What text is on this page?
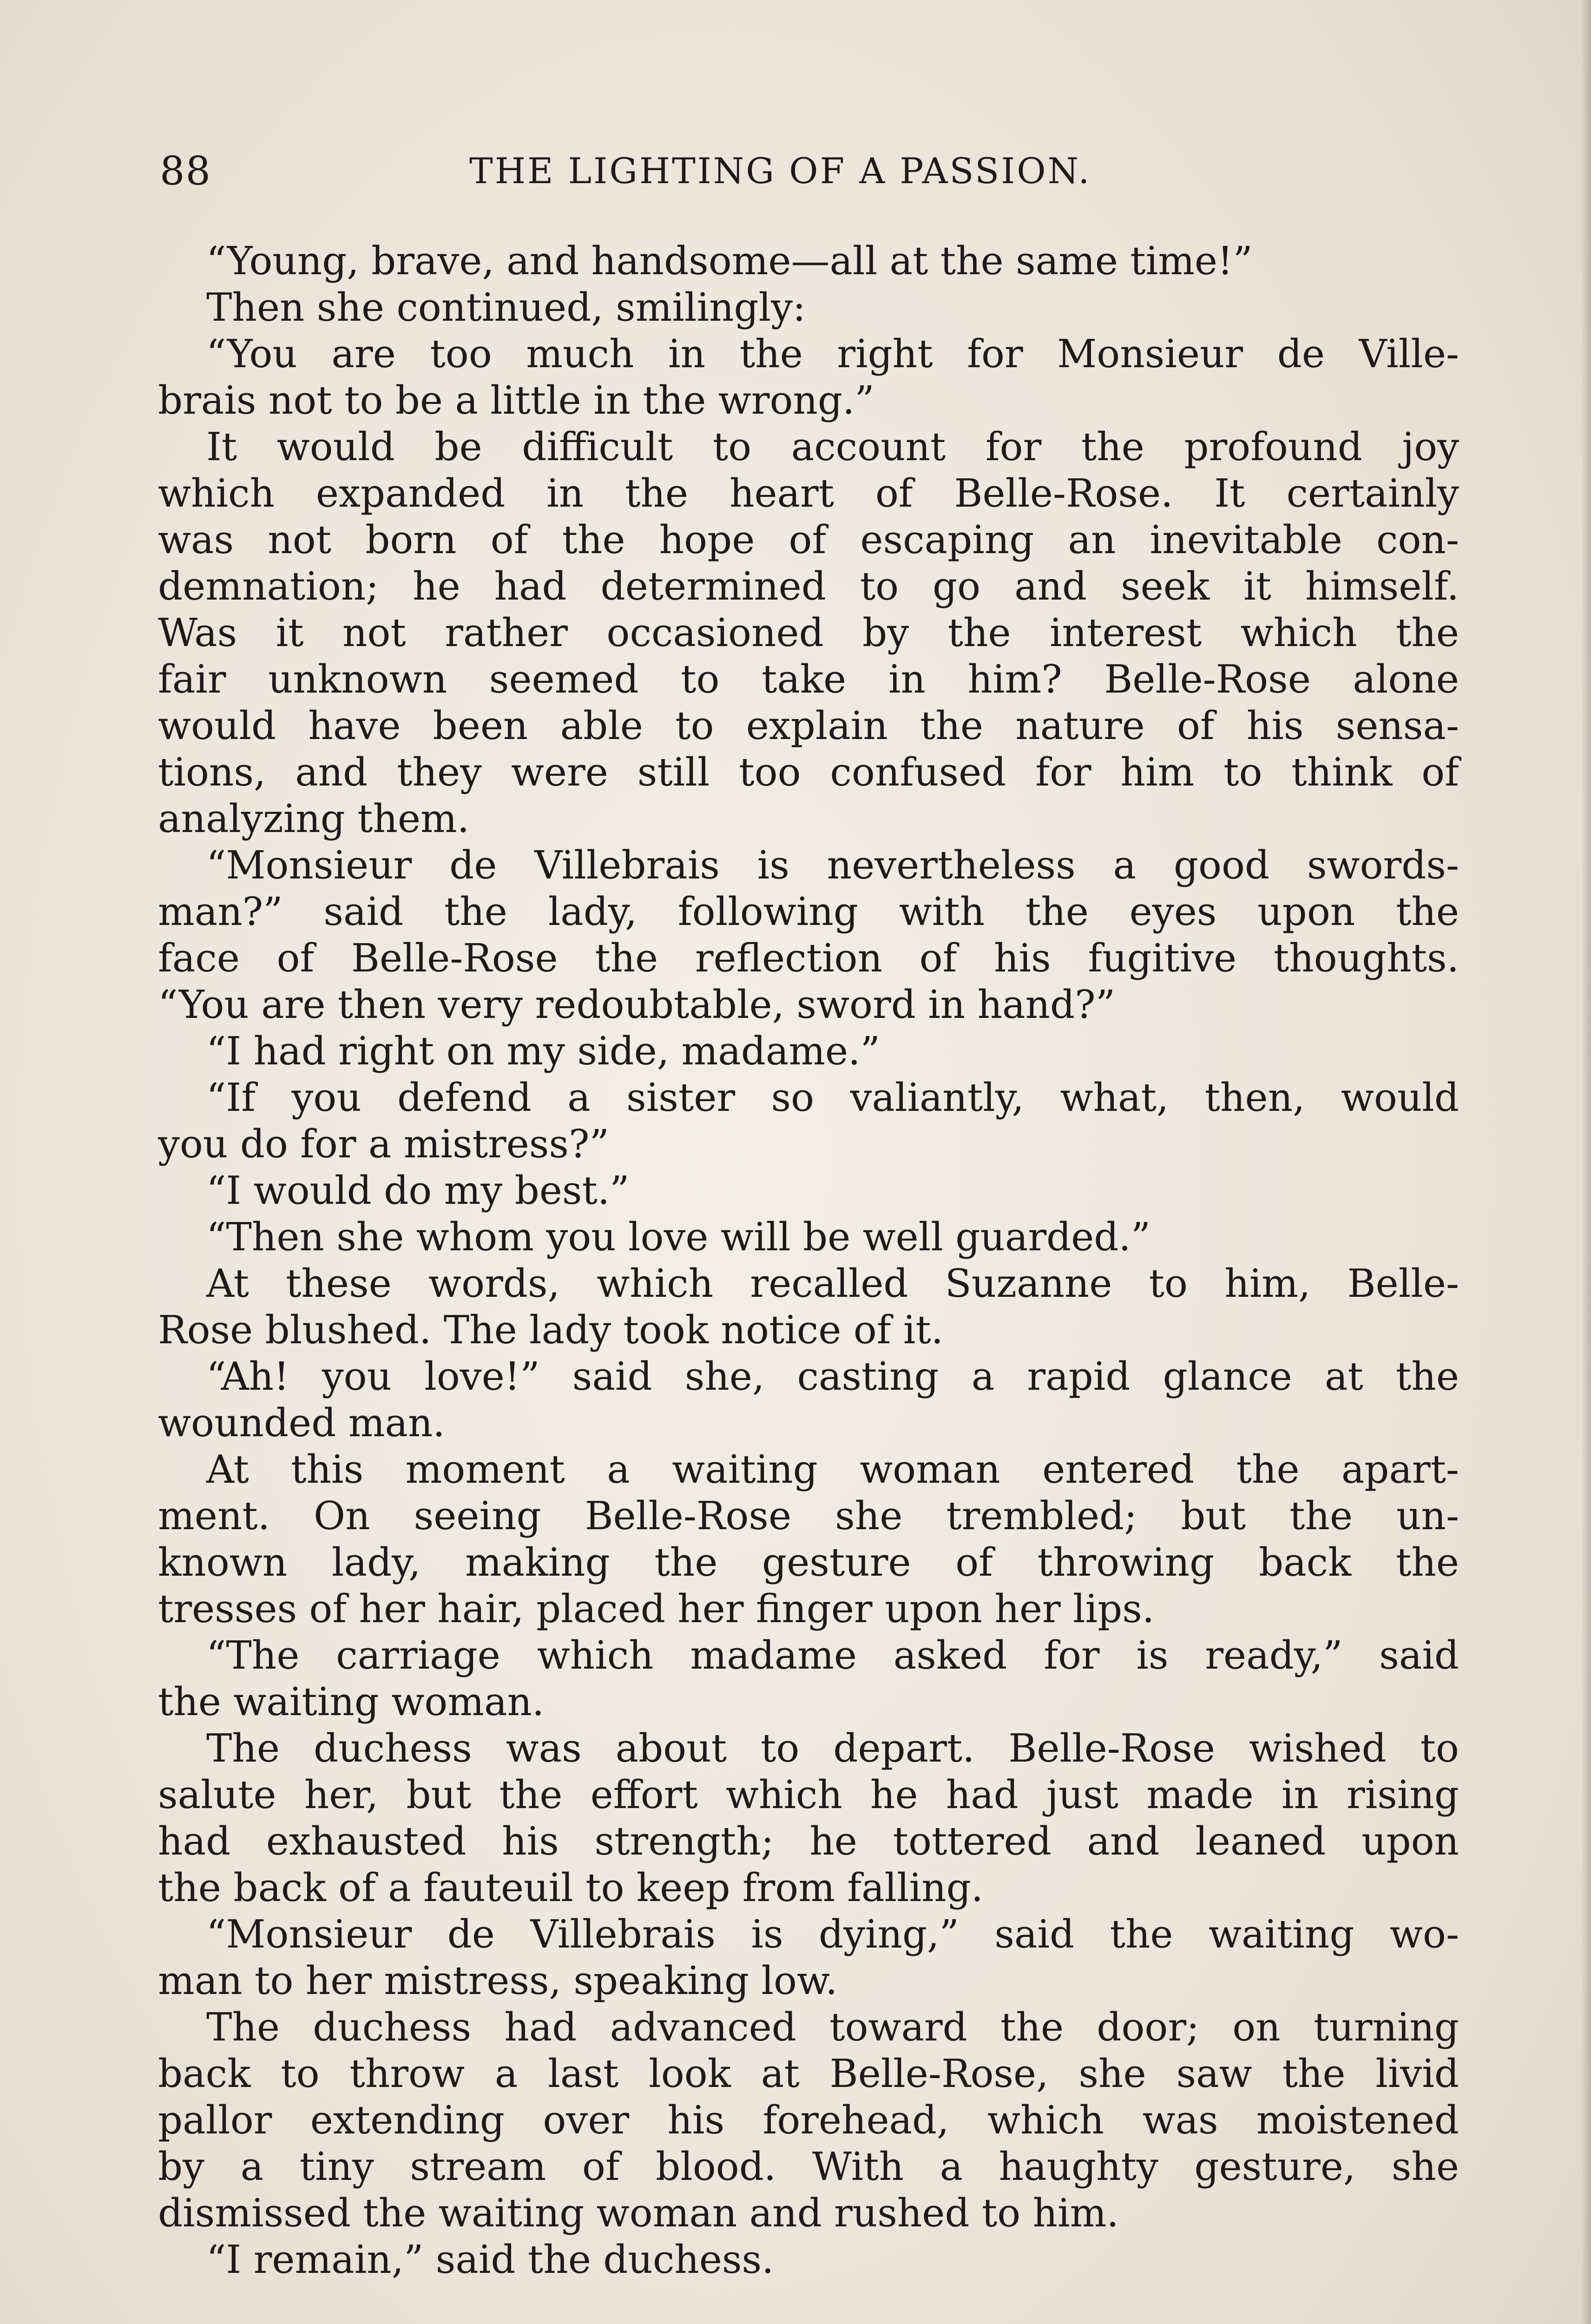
88	THE LIGHTING OF A PASSION.
“Young, brave, and handsome—all at the same time!”
Then she continued, smilingly:
“You are too much in the right for Monsieur de Ville-
brais not to be a little in the wrong.”
It would be difficult to account for the profound joy
which expanded in the heart of Belle-Rose. It certainly
was not born of the hope of escaping an inevitable con-
demnation; he had determined to go and seek it himself.
Was it not rather occasioned by the interest which the
fair unknown seemed to take in him? Belle-Rose alone
would have been able to explain the nature of his sensa-
tions, and they were still too confused for him to think of
analyzing them.
“Monsieur de Villebrais is nevertheless a good swords-
man?” said the lady, following with the eyes upon the
face of Belle-Rose the reflection of his fugitive thoughts.
“You are then very redoubtable, sword in hand?”
“I had right on my side, madame.”
“If you defend a sister so valiantly, what, then, would
you do for a mistress?”
“I would do my best.”
“Then she whom you love will be well guarded.”
At these words, which recalled Suzanne to him, Belle-
Rose blushed. The lady took notice of it.
“Ah! you love!” said she, casting a rapid glance at the
wounded man.
At this moment a waiting woman entered the apart-
ment. On seeing Belle-Rose she trembled; but the un-
known lady, making the gesture of throwing back the
tresses of her hair, placed her finger upon her lips.
“The carriage which madame asked for is ready,” said
the waiting woman.
The duchess was about to depart. Belle-Rose wished to
salute her, but the effort which he had just made in rising
had exhausted his strength; he tottered and leaned upon
the back of a fauteuil to keep from falling.
“Monsieur de Villebrais is dying,” said the waiting wo-
man to her mistress, speaking low.
The duchess had advanced toward the door; on turning
back to throw a last look at Belle-Rose, she saw the livid
pallor extending over his forehead, which was moistened
by a tiny stream of blood. With a haughty gesture, she
dismissed the waiting woman and rushed to him.
“I remain,” said the duchess.
